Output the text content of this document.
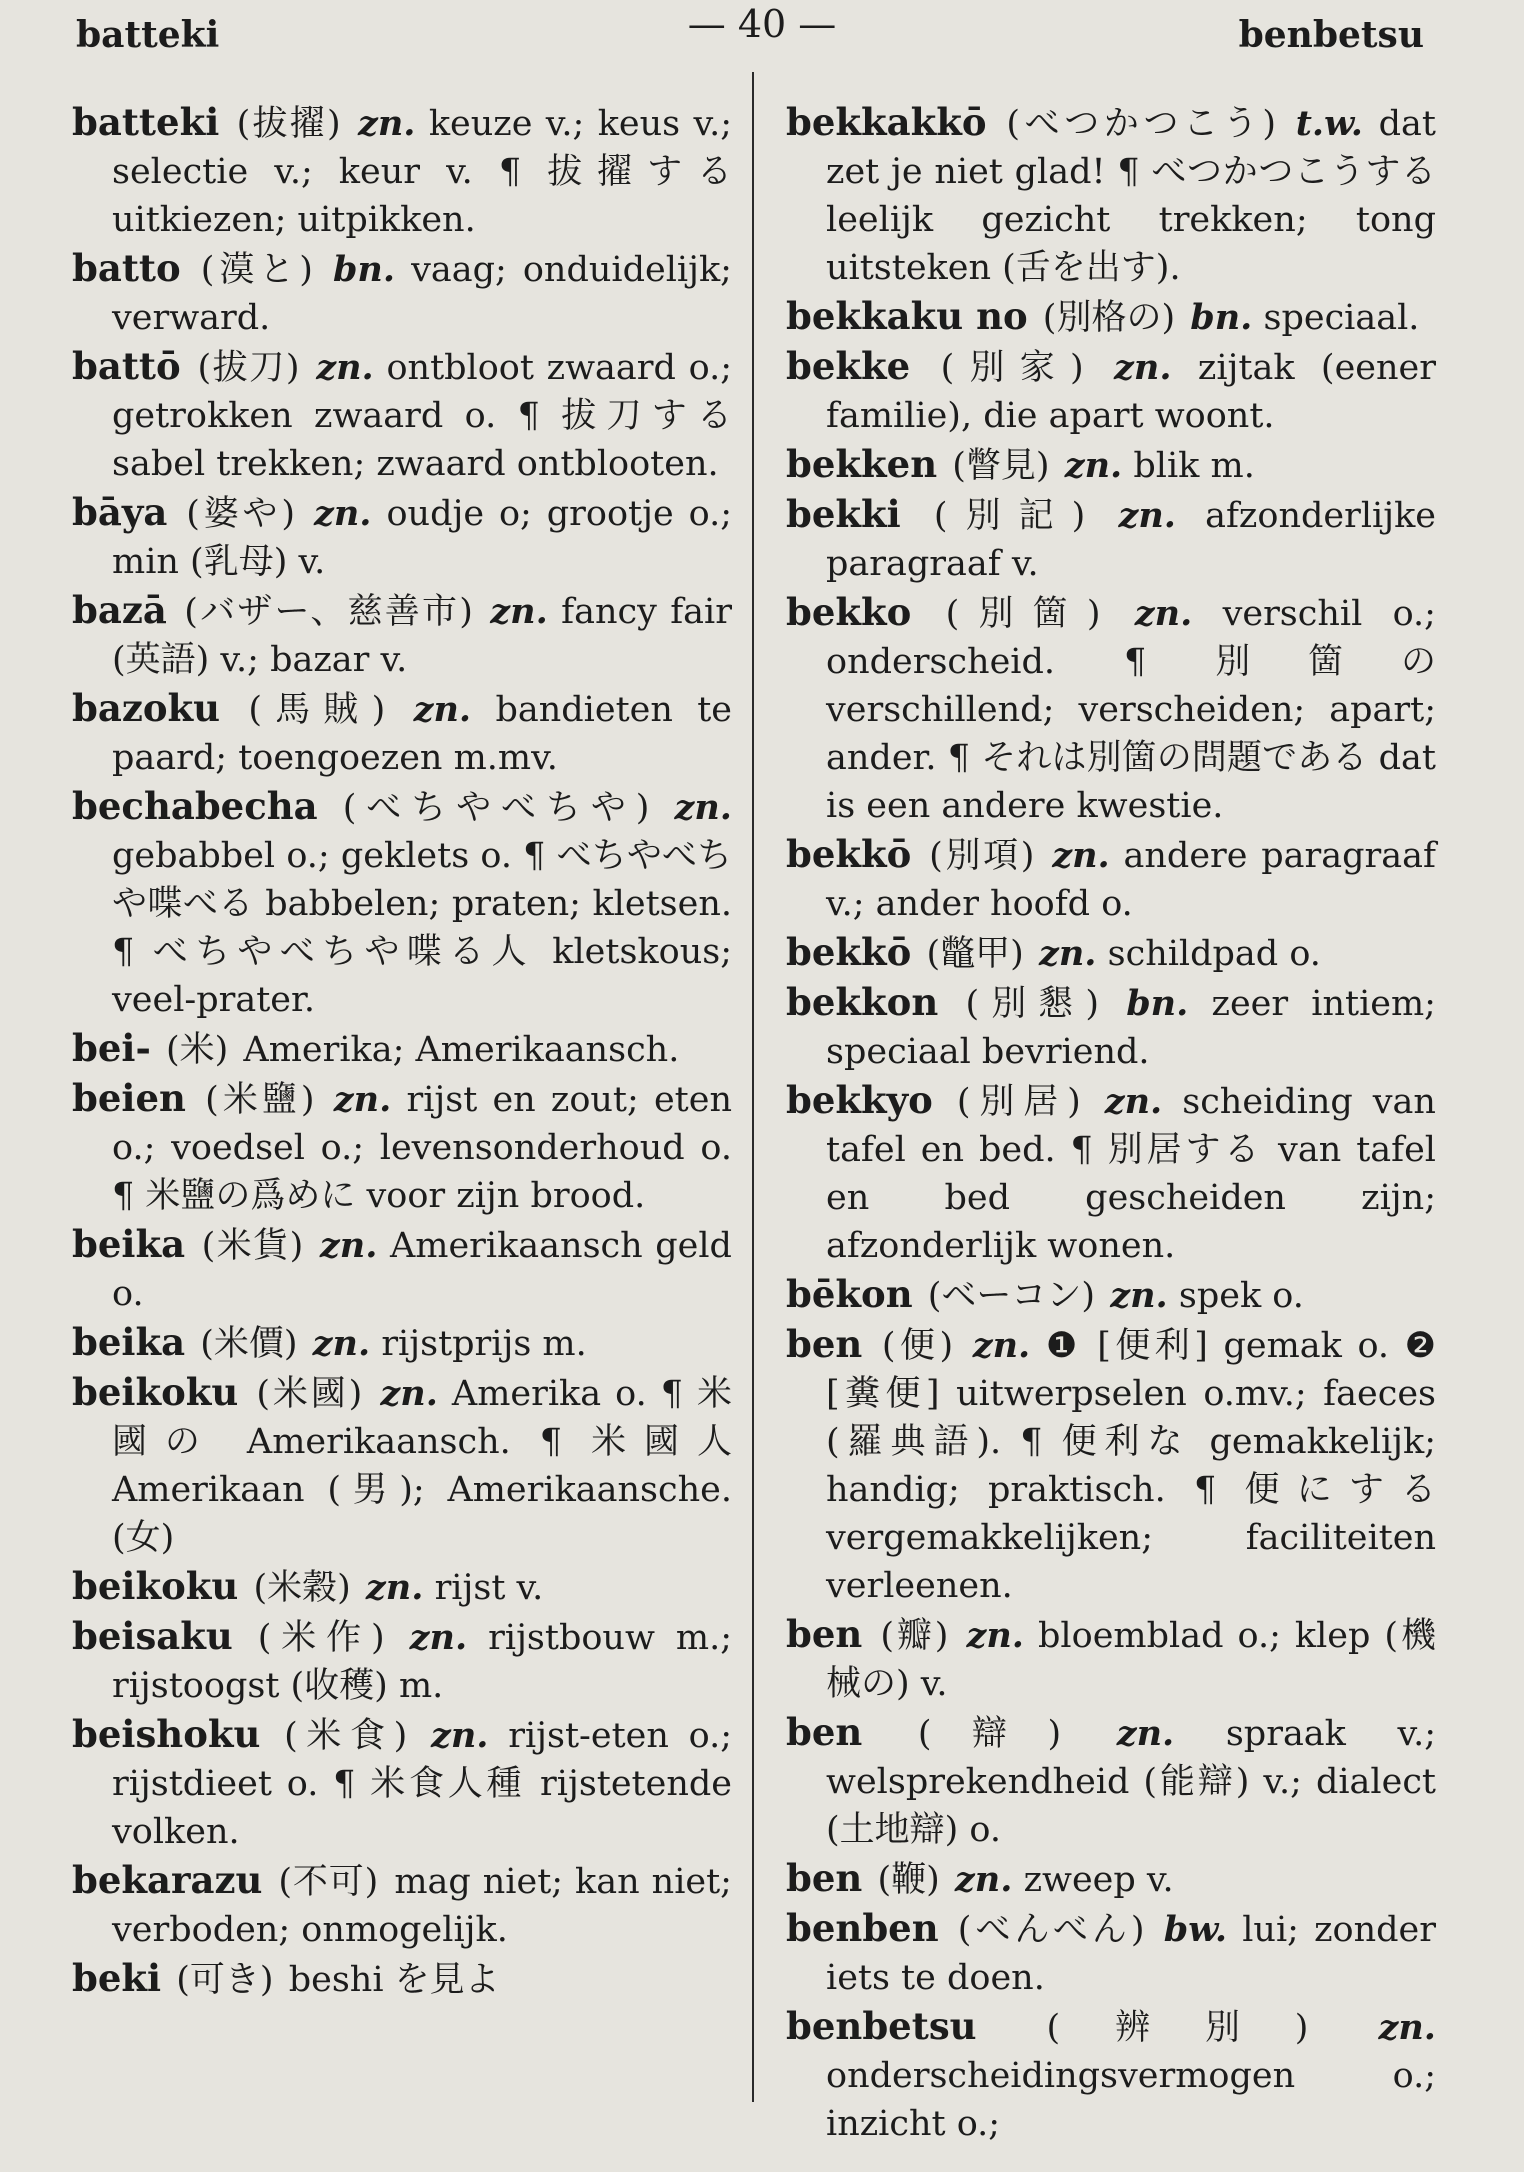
batteki	— 40 —	benbetsu
batteki (拔擢) zn. keuze v.; keus v.; selectie v.; keur v. ¶ 拔擢する uitkiezen; uitpikken.
batto (漠と) bn. vaag; onduidelijk; verward.
battō (拔刀) zn. ontbloot zwaard o.; getrokken zwaard o. ¶ 拔刀する sabel trekken; zwaard ontblooten.
bāya (婆や) zn. oudje o; grootje o.; min (乳母) v.
bazā (バザー、慈善市) zn. fancy fair (英語) v.; bazar v.
bazoku (馬賊) zn. bandieten te paard; toengoezen m.mv.
bechabecha (べちやべちや) zn. gebabbel o.; geklets o. ¶ べちやべちや喋べる babbelen; praten; kletsen. ¶ べちやべちや喋る人 kletskous; veel-prater.
bei- (米) Amerika; Amerikaansch.
beien (米鹽) zn. rijst en zout; eten o.; voedsel o.; levensonderhoud o. ¶ 米鹽の爲めに voor zijn brood.
beika (米貨) zn. Amerikaansch geld o.
beika (米價) zn. rijstprijs m.
beikoku (米國) zn. Amerika o. ¶ 米國の Amerikaansch. ¶ 米國人 Amerikaan (男); Amerikaansche. (女)
beikoku (米穀) zn. rijst v.
beisaku (米作) zn. rijstbouw m.; rijstoogst (收穫) m.
beishoku (米食) zn. rijst-eten o.; rijstdieet o. ¶ 米食人種 rijstetende volken.
bekarazu (不可) mag niet; kan niet; verboden; onmogelijk.
beki (可き) beshi を見よ
bekkakkō (べつかつこう) t.w. dat zet je niet glad! ¶ べつかつこうする leelijk gezicht trekken; tong uitsteken (舌を出す).
bekkaku no (別格の) bn. speciaal.
bekke (別家) zn. zijtak (eener familie), die apart woont.
bekken (瞥見) zn. blik m.
bekki (別記) zn. afzonderlijke paragraaf v.
bekko (別箇) zn. verschil o.; onderscheid. ¶ 別箇の verschillend; verscheiden; apart; ander. ¶ それは別箇の問題である dat is een andere kwestie.
bekkō (別項) zn. andere paragraaf v.; ander hoofd o.
bekkō (鼈甲) zn. schildpad o.
bekkon (別懇) bn. zeer intiem; speciaal bevriend.
bekkyo (別居) zn. scheiding van tafel en bed. ¶ 別居する van tafel en bed gescheiden zijn; afzonderlijk wonen.
bēkon (ベーコン) zn. spek o.
ben (便) zn. ❶ [便利] gemak o. ❷ [糞便] uitwerpselen o.mv.; faeces (羅典語). ¶ 便利な gemakkelijk; handig; praktisch. ¶ 便にする vergemakkelijken; faciliteiten verleenen.
ben (瓣) zn. bloemblad o.; klep (機械の) v.
ben (辯) zn. spraak v.; welsprekendheid (能辯) v.; dialect (土地辯) o.
ben (鞭) zn. zweep v.
benben (べんべん) bw. lui; zonder iets te doen.
benbetsu (辨別) zn. onderscheidingsvermogen o.; inzicht o.;
